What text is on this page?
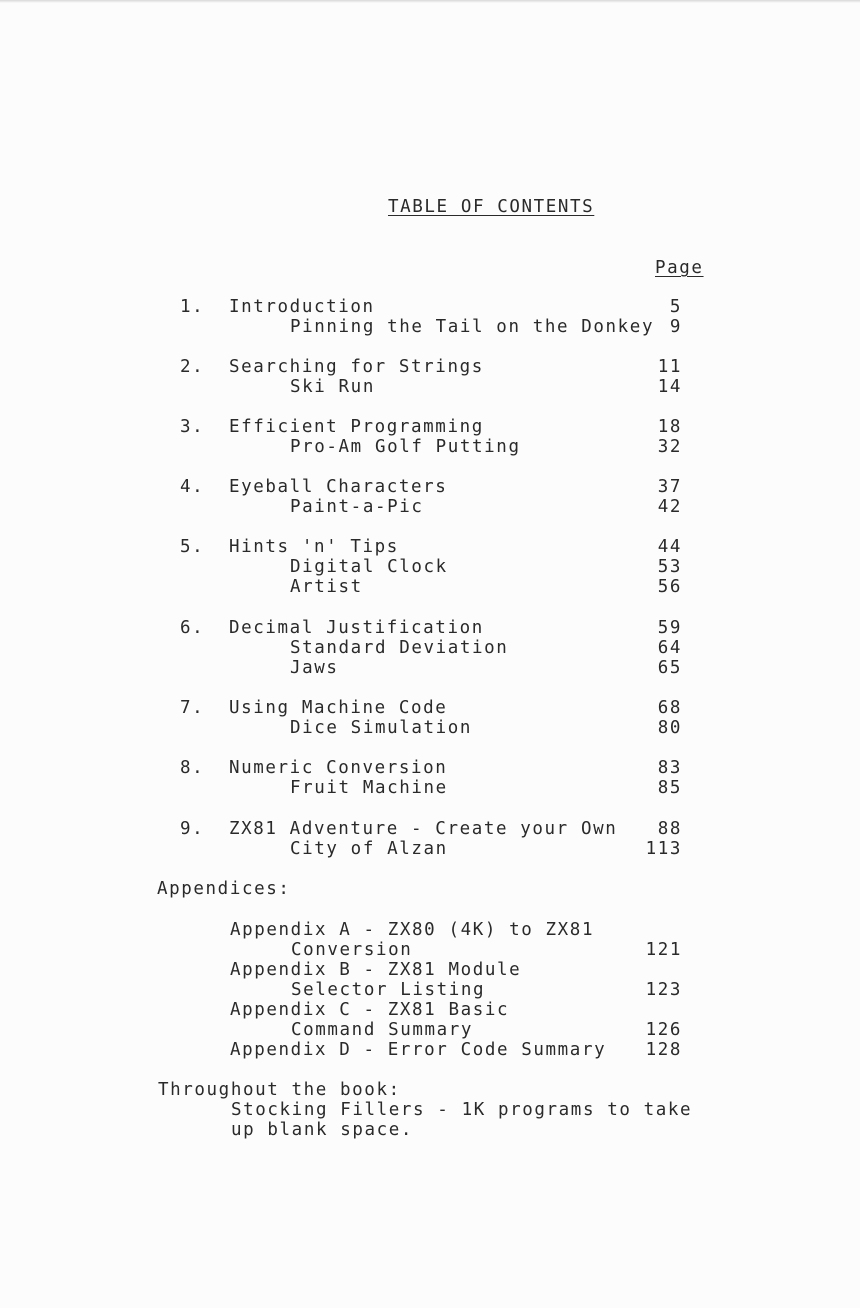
TABLE OF CONTENTS
Page
1. Introduction	5
Pinning the Tail on the Donkey 9
2. Searching for Strings	11
Ski Run	14
3. Efficient Programming	18
Pro-Am Golf Putting	32
4. Eyeball Characters	37
Paint-a-Pic	42
5. Hints 'n' Tips	44
Digital Clock	53
Artist	56
6. Decimal Justification	59
Standard Deviation	64
Jaws	65
7. Using Machine Code	68
Dice Simulation	80
8. Numeric Conversion	83
Fruit Machine	85
9. ZX81 Adventure - Create your Own	88
City of Alzan	113
Appendices:
Appendix A - ZX80 (4K) to ZX81
Conversion	121
Appendix B - ZX81 Module
Selector Listing	123
Appendix C - ZX81 Basic
Command Summary	126
Appendix D - Error Code Summary	128
Throughout the book:
Stocking Fillers - 1K programs to take
up blank space.
